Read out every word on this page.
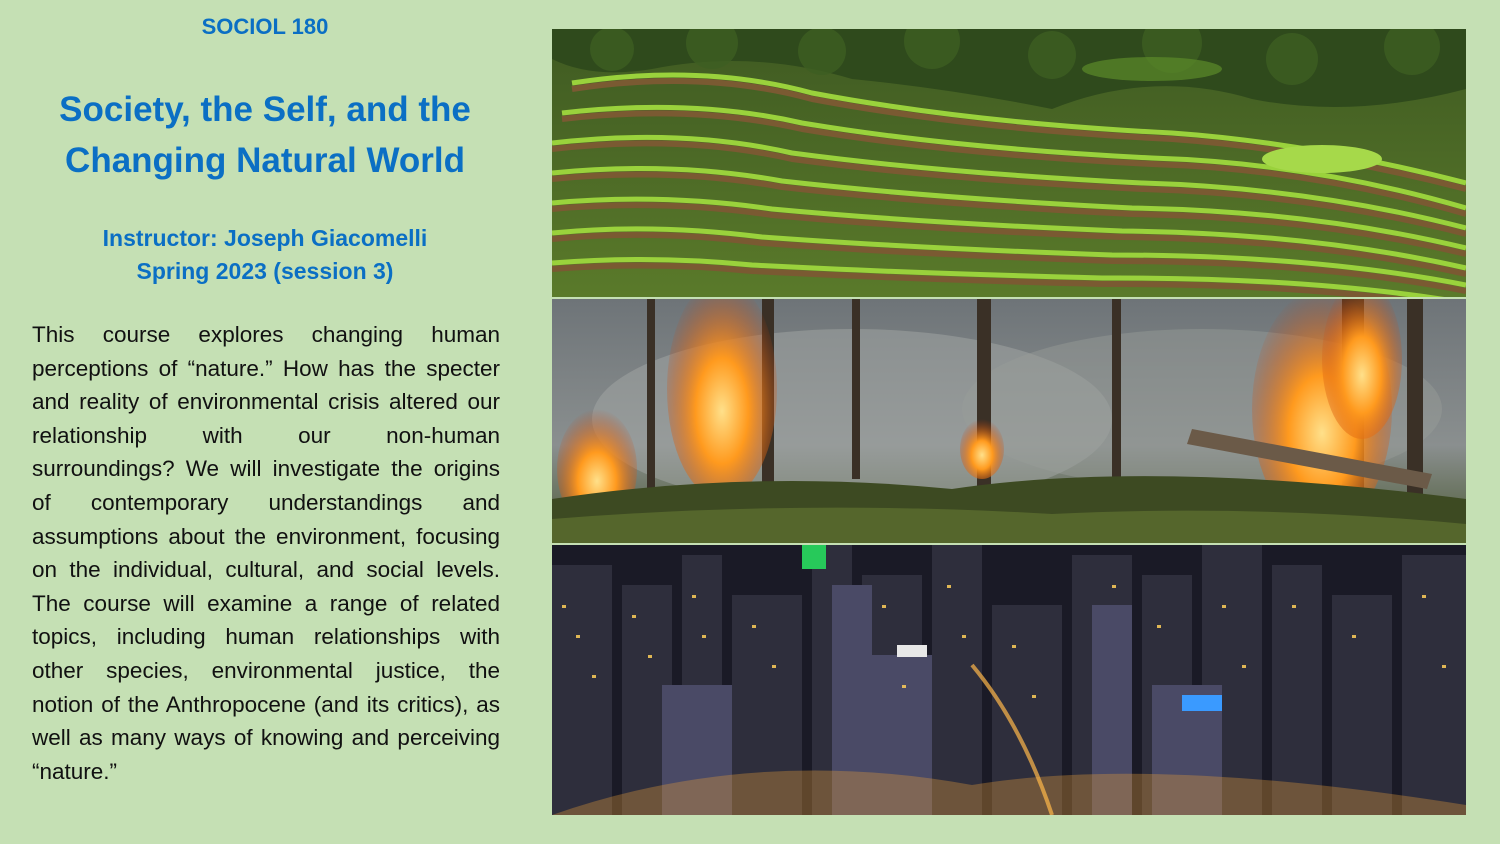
SOCIOL 180
Society, the Self, and the
Changing Natural World
Instructor: Joseph Giacomelli
Spring 2023 (session 3)
This course explores changing human perceptions of “nature.” How has the specter and reality of environmental crisis altered our relationship with our non-human surroundings? We will investigate the origins of contemporary understandings and assumptions about the environment, focusing on the individual, cultural, and social levels. The course will examine a range of related topics, including human relationships with other species, environmental justice, the notion of the Anthropocene (and its critics), as well as many ways of knowing and perceiving “nature.”
